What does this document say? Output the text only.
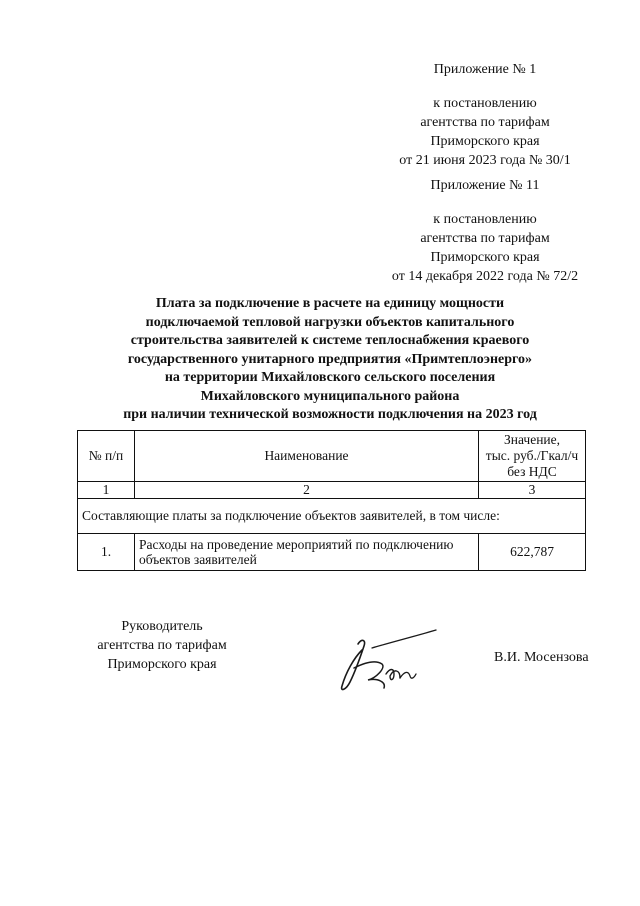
Приложение № 1
к постановлению
агентства по тарифам
Приморского края
от 21 июня 2023 года № 30/1
Приложение № 11
к постановлению
агентства по тарифам
Приморского края
от 14 декабря 2022 года № 72/2
Плата за подключение в расчете на единицу мощности
подключаемой тепловой нагрузки объектов капитального
строительства заявителей к системе теплоснабжения краевого
государственного унитарного предприятия «Примтеплоэнерго»
на территории Михайловского сельского поселения
Михайловского муниципального района
при наличии технической возможности подключения на 2023 год
№ п/п	Наименование	Значение,
тыс. руб./Гкал/ч
без НДС

1	2	3
Составляющие платы за подключение объектов заявителей, в том числе:		
1.	Расходы на проведение мероприятий по подключению
объектов заявителей	622,787
Руководитель
агентства по тарифам
Приморского края	В.И. Мосензова
